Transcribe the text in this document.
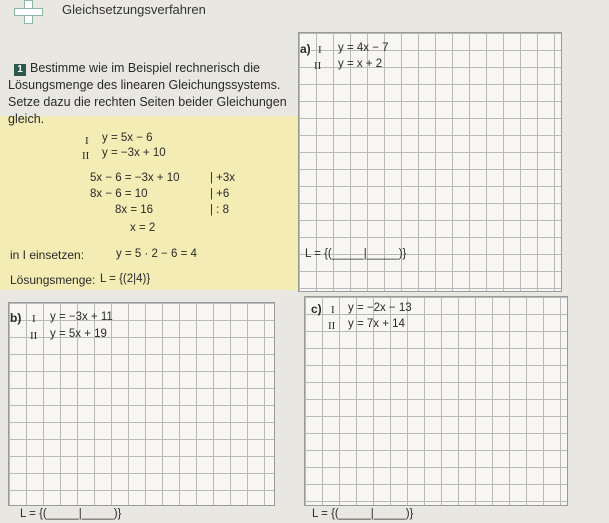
Gleichsetzungsverfahren
1 Bestimme wie im Beispiel rechnerisch die
Lösungsmenge des linearen Gleichungssystems.
Setze dazu die rechten Seiten beider Gleichungen
gleich.
I y = 5x − 6
II y = −3x + 10
5x − 6 = −3x + 10	| +3x
8x − 6 = 10	| +6
8x = 16	| : 8
x = 2
in I einsetzen:	y = 5 · 2 − 6 = 4
Lösungsmenge: L = {(2|4)}
a) I y = 4x − 7
II y = x + 2
L = {(_____|_____)}
b) I y = −3x + 11
II y = 5x + 19
L = {(_____|_____)}
c) I y = −2x − 13
II y = 7x + 14
L = {(_____|_____)}
